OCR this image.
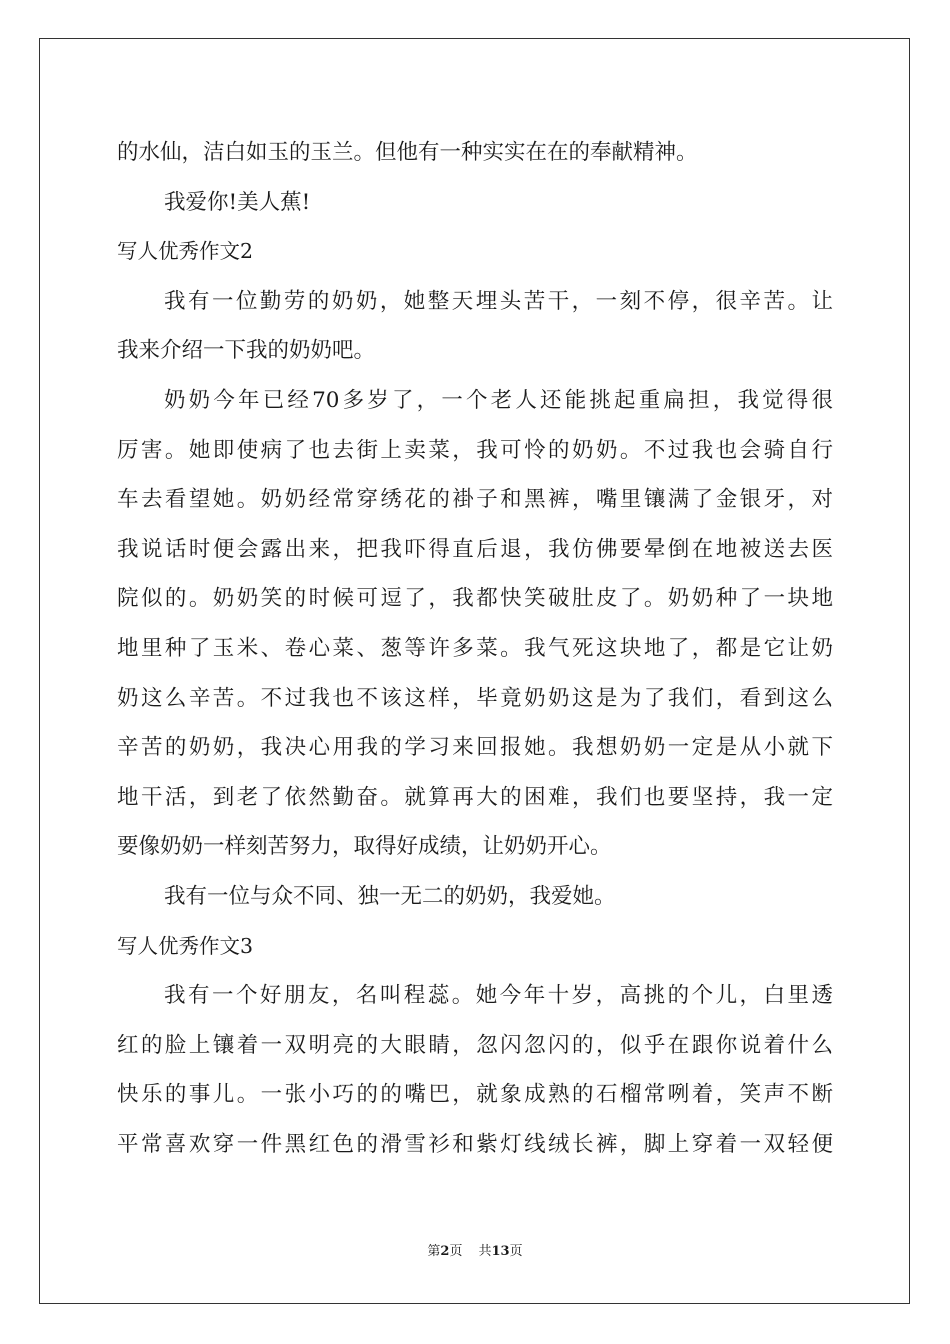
的水仙，洁白如玉的玉兰。但他有一种实实在在的奉献精神。
我爱你!美人蕉!
写人优秀作文2
我有一位勤劳的奶奶，她整天埋头苦干，一刻不停，很辛苦。让
我来介绍一下我的奶奶吧。
奶奶今年已经70多岁了，一个老人还能挑起重扁担，我觉得很
厉害。她即使病了也去街上卖菜，我可怜的奶奶。不过我也会骑自行
车去看望她。奶奶经常穿绣花的褂子和黑裤，嘴里镶满了金银牙，对
我说话时便会露出来，把我吓得直后退，我仿佛要晕倒在地被送去医
院似的。奶奶笑的时候可逗了，我都快笑破肚皮了。奶奶种了一块地
地里种了玉米、卷心菜、葱等许多菜。我气死这块地了，都是它让奶
奶这么辛苦。不过我也不该这样，毕竟奶奶这是为了我们，看到这么
辛苦的奶奶，我决心用我的学习来回报她。我想奶奶一定是从小就下
地干活，到老了依然勤奋。就算再大的困难，我们也要坚持，我一定
要像奶奶一样刻苦努力，取得好成绩，让奶奶开心。
我有一位与众不同、独一无二的奶奶，我爱她。
写人优秀作文3
我有一个好朋友，名叫程蕊。她今年十岁，高挑的个儿，白里透
红的脸上镶着一双明亮的大眼睛，忽闪忽闪的，似乎在跟你说着什么
快乐的事儿。一张小巧的的嘴巴，就象成熟的石榴常咧着，笑声不断
平常喜欢穿一件黑红色的滑雪衫和紫灯线绒长裤，脚上穿着一双轻便
第2页 共13页
